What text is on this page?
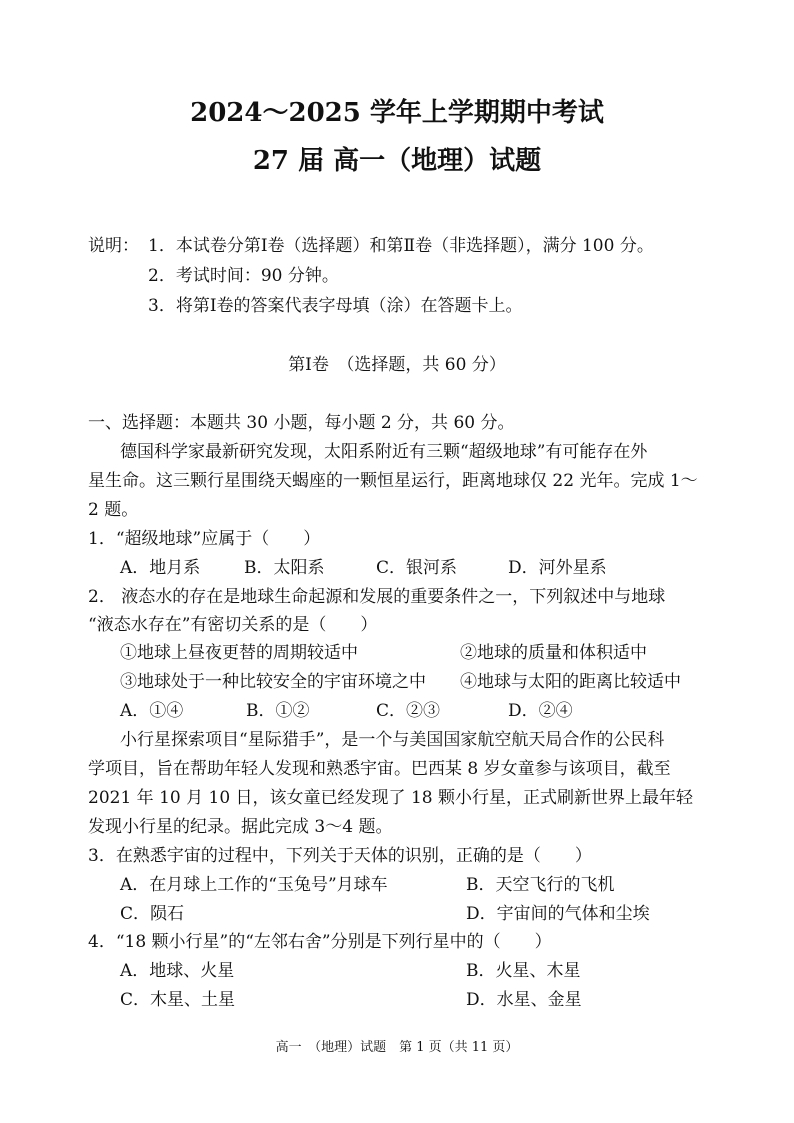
2024～2025 学年上学期期中考试
27 届 高一（地理）试题
说明： 1．本试卷分第Ⅰ卷（选择题）和第Ⅱ卷（非选择题），满分 100 分。
2．考试时间：90 分钟。
3．将第Ⅰ卷的答案代表字母填（涂）在答题卡上。
第Ⅰ卷　（选择题，共 60 分）
一、选择题：本题共 30 小题，每小题 2 分，共 60 分。
德国科学家最新研究发现，太阳系附近有三颗“超级地球”有可能存在外
星生命。这三颗行星围绕天蝎座的一颗恒星运行，距离地球仅 22 光年。完成 1～
2 题。
1．“超级地球”应属于（　　）
A．地月系	B．太阳系	C．银河系	D．河外星系
2． 液态水的存在是地球生命起源和发展的重要条件之一，下列叙述中与地球
“液态水存在”有密切关系的是（　　）
①地球上昼夜更替的周期较适中	②地球的质量和体积适中
③地球处于一种比较安全的宇宙环境之中 ④地球与太阳的距离比较适中
A．①④	B．①②	C．②③	D．②④
小行星探索项目“星际猎手”，是一个与美国国家航空航天局合作的公民科
学项目，旨在帮助年轻人发现和熟悉宇宙。巴西某 8 岁女童参与该项目，截至
2021 年 10 月 10 日，该女童已经发现了 18 颗小行星，正式刷新世界上最年轻
发现小行星的纪录。据此完成 3～4 题。
3．在熟悉宇宙的过程中，下列关于天体的识别，正确的是（　　）
A．在月球上工作的“玉兔号”月球车	B．天空飞行的飞机
C．陨石	D．宇宙间的气体和尘埃
4．“18 颗小行星”的“左邻右舍”分别是下列行星中的（　　）
A．地球、火星	B．火星、木星
C．木星、土星	D．水星、金星
高一　（地理）试题　第 1 页（共 11 页）
